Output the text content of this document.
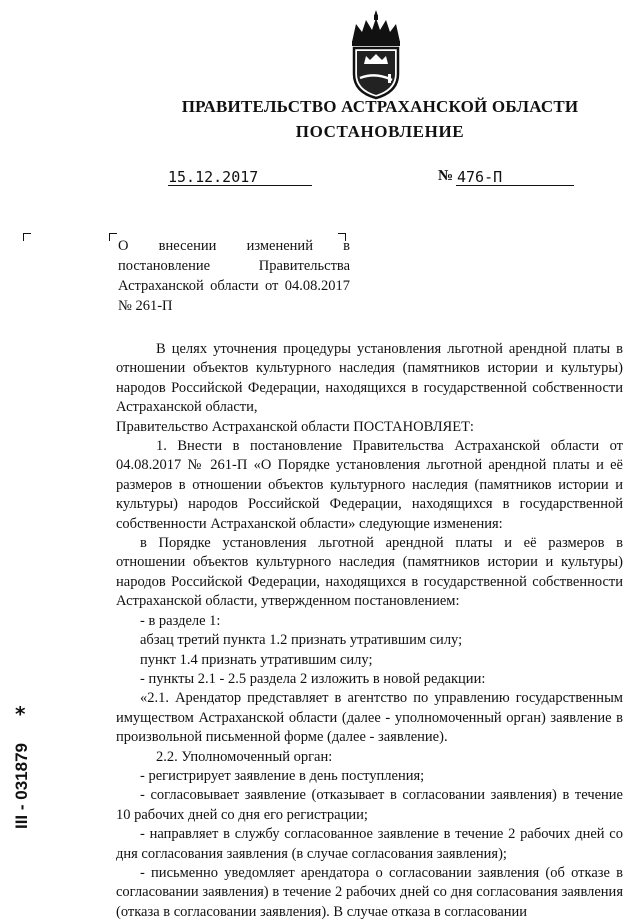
ПРАВИТЕЛЬСТВО АСТРАХАНСКОЙ ОБЛАСТИ
ПОСТАНОВЛЕНИЕ
15.12.2017	№ 476-П
О внесении изменений в постановление Правительства Астраханской области от 04.08.2017 № 261-П

В целях уточнения процедуры установления льготной арендной платы в отношении объектов культурного наследия (памятников истории и культуры) народов Российской Федерации, находящихся в государственной собственности Астраханской области,

Правительство Астраханской области ПОСТАНОВЛЯЕТ:

1. Внести в постановление Правительства Астраханской области от 04.08.2017 № 261-П «О Порядке установления льготной арендной платы и её размеров в отношении объектов культурного наследия (памятников истории и культуры) народов Российской Федерации, находящихся в государственной собственности Астраханской области» следующие изменения:

в Порядке установления льготной арендной платы и её размеров в отношении объектов культурного наследия (памятников истории и культуры) народов Российской Федерации, находящихся в государственной собственности Астраханской области, утвержденном постановлением:

- в разделе 1:

абзац третий пункта 1.2 признать утратившим силу;

пункт 1.4 признать утратившим силу;

- пункты 2.1 - 2.5 раздела 2 изложить в новой редакции:

«2.1. Арендатор представляет в агентство по управлению государственным имуществом Астраханской области (далее - уполномоченный орган) заявление в произвольной письменной форме (далее - заявление).

2.2. Уполномоченный орган:

- регистрирует заявление в день поступления;

- согласовывает заявление (отказывает в согласовании заявления) в течение 10 рабочих дней со дня его регистрации;

- направляет в службу согласованное заявление в течение 2 рабочих дней со дня согласования заявления (в случае согласования заявления);

- письменно уведомляет арендатора о согласовании заявления (об отказе в согласовании заявления) в течение 2 рабочих дней со дня согласования заявления (отказа в согласовании заявления). В случае отказа в согласовании

*
ІІІ - 031879
